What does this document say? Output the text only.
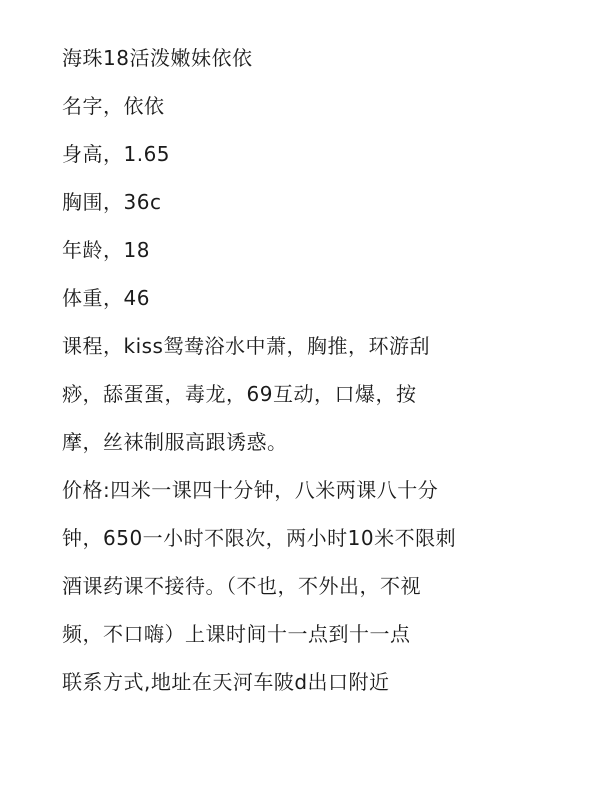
海珠18活泼嫩妹依依
名字，依依
身高，1.65
胸围，36c
年龄，18
体重，46
课程，kiss鸳鸯浴水中萧，胸推，环游刮
痧，舔蛋蛋，毒龙，69互动，口爆，按
摩，丝袜制服高跟诱惑。
价格:四米一课四十分钟，八米两课八十分
钟，650一小时不限次，两小时10米不限刺
酒课药课不接待。（不也，不外出，不视
频，不口嗨）上课时间十一点到十一点
联系方式,地址在天河车陂d出口附近
